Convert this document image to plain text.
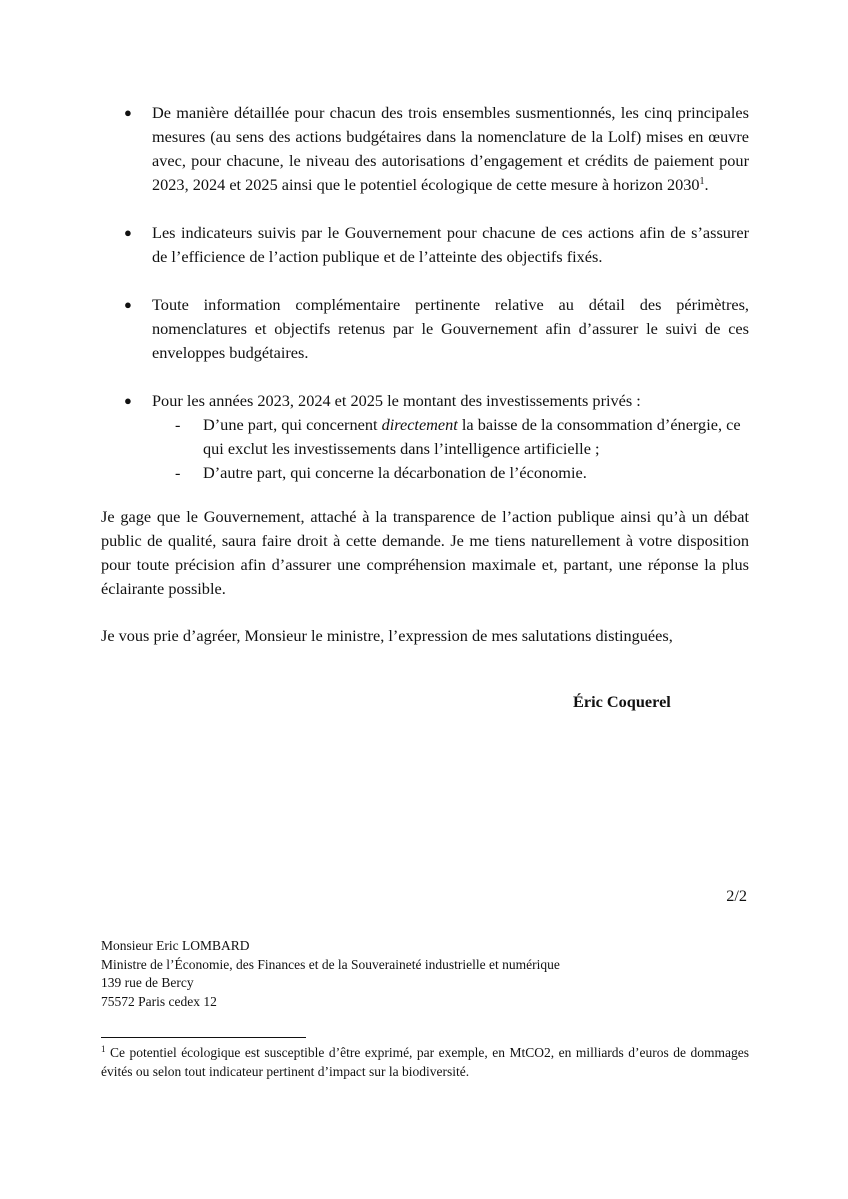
● De manière détaillée pour chacun des trois ensembles susmentionnés, les cinq principales mesures (au sens des actions budgétaires dans la nomenclature de la Lolf) mises en œuvre avec, pour chacune, le niveau des autorisations d’engagement et crédits de paiement pour 2023, 2024 et 2025 ainsi que le potentiel écologique de cette mesure à horizon 2030$^1$.
● Les indicateurs suivis par le Gouvernement pour chacune de ces actions afin de s’assurer de l’efficience de l’action publique et de l’atteinte des objectifs fixés.
● Toute information complémentaire pertinente relative au détail des périmètres, nomenclatures et objectifs retenus par le Gouvernement afin d’assurer le suivi de ces enveloppes budgétaires.
● Pour les années 2023, 2024 et 2025 le montant des investissements privés :
- D’une part, qui concernent directement la baisse de la consommation d’énergie, ce qui exclut les investissements dans l’intelligence artificielle ;
- D’autre part, qui concerne la décarbonation de l’économie.

Je gage que le Gouvernement, attaché à la transparence de l’action publique ainsi qu’à un débat public de qualité, saura faire droit à cette demande. Je me tiens naturellement à votre disposition pour toute précision afin d’assurer une compréhension maximale et, partant, une réponse la plus éclairante possible.

Je vous prie d’agréer, Monsieur le ministre, l’expression de mes salutations distinguées,

Éric Coquerel

2/2

Monsieur Eric LOMBARD
Ministre de l’Économie, des Finances et de la Souveraineté industrielle et numérique
139 rue de Bercy
75572 Paris cedex 12

$^1$ Ce potentiel écologique est susceptible d’être exprimé, par exemple, en MtCO2, en milliards d’euros de dommages évités ou selon tout indicateur pertinent d’impact sur la biodiversité.
